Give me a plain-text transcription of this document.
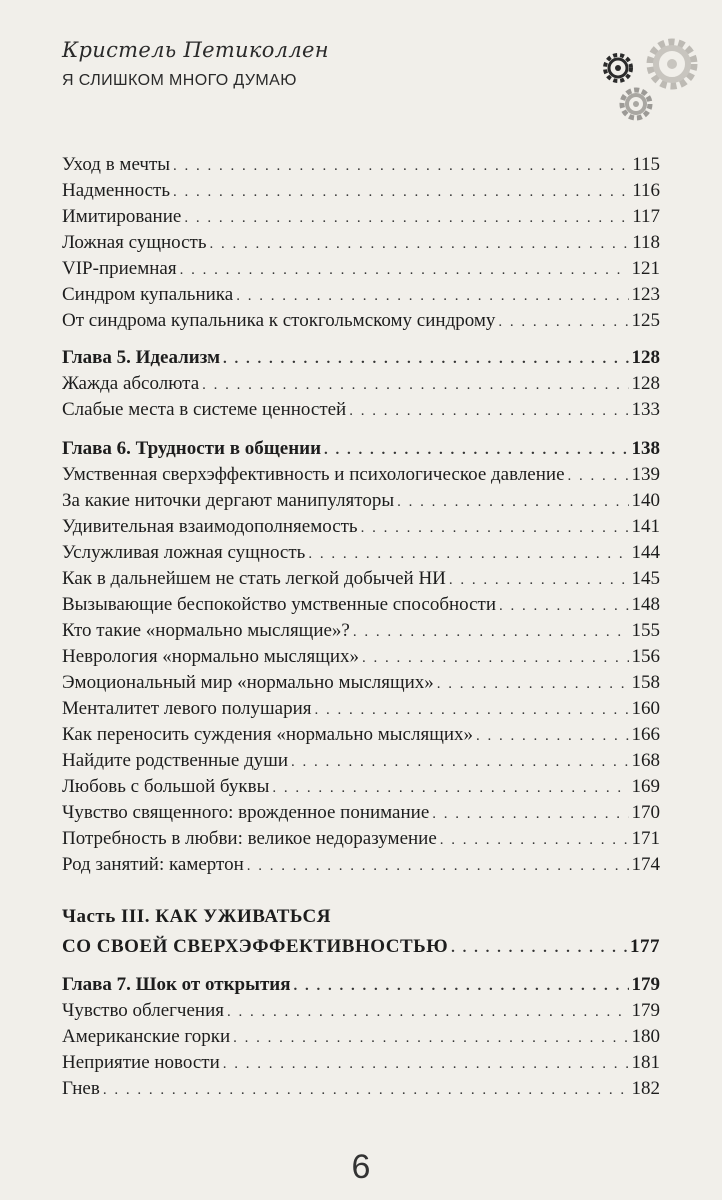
Кристель Петиколлен
Я СЛИШКОМ МНОГО ДУМАЮ
Уход в мечты . . .	115
Надменность . . .	116
Имитирование . . .	117
Ложная сущность . . .	118
VIP-приемная . . .	121
Синдром купальника . . .	123
От синдрома купальника к стокгольмскому синдрому . . .	125
Глава 5. Идеализм . . .	128
Жажда абсолюта . . .	128
Слабые места в системе ценностей . . .	133
Глава 6. Трудности в общении . . .	138
Умственная сверхэффективность и психологическое давление . . .	139
За какие ниточки дергают манипуляторы . . .	140
Удивительная взаимодополняемость . . .	141
Услужливая ложная сущность . . .	144
Как в дальнейшем не стать легкой добычей НИ . . .	145
Вызывающие беспокойство умственные способности . . .	148
Кто такие «нормально мыслящие»? . . .	155
Неврология «нормально мыслящих» . . .	156
Эмоциональный мир «нормально мыслящих» . . .	158
Менталитет левого полушария . . .	160
Как переносить суждения «нормально мыслящих» . . .	166
Найдите родственные души . . .	168
Любовь с большой буквы . . .	169
Чувство священного: врожденное понимание . . .	170
Потребность в любви: великое недоразумение . . .	171
Род занятий: камертон . . .	174
Часть III. КАК УЖИВАТЬСЯ
СО СВОЕЙ СВЕРХЭФФЕКТИВНОСТЬЮ . . .	177
Глава 7. Шок от открытия . . .	179
Чувство облегчения . . .	179
Американские горки . . .	180
Неприятие новости . . .	181
Гнев . . .	182
6
